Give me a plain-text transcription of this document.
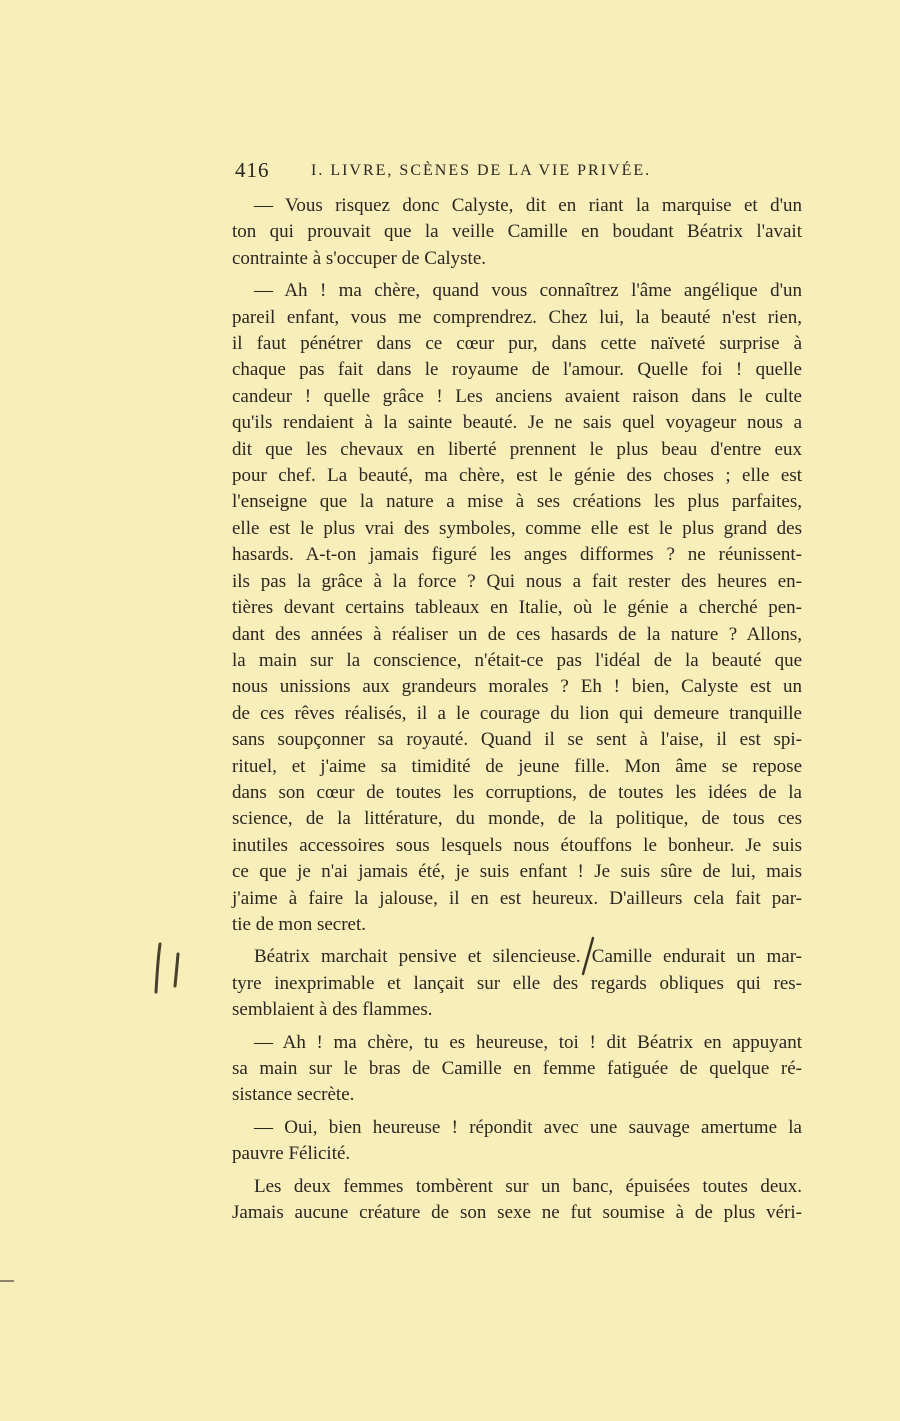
416	I. LIVRE, SCÈNES DE LA VIE PRIVÉE.
— Vous risquez donc Calyste, dit en riant la marquise et d'un
ton qui prouvait que la veille Camille en boudant Béatrix l'avait
contrainte à s'occuper de Calyste.
— Ah ! ma chère, quand vous connaîtrez l'âme angélique d'un
pareil enfant, vous me comprendrez. Chez lui, la beauté n'est rien,
il faut pénétrer dans ce cœur pur, dans cette naïveté surprise à
chaque pas fait dans le royaume de l'amour. Quelle foi ! quelle
candeur ! quelle grâce ! Les anciens avaient raison dans le culte
qu'ils rendaient à la sainte beauté. Je ne sais quel voyageur nous a
dit que les chevaux en liberté prennent le plus beau d'entre eux
pour chef. La beauté, ma chère, est le génie des choses ; elle est
l'enseigne que la nature a mise à ses créations les plus parfaites,
elle est le plus vrai des symboles, comme elle est le plus grand des
hasards. A-t-on jamais figuré les anges difformes ? ne réunissent-
ils pas la grâce à la force ? Qui nous a fait rester des heures en-
tières devant certains tableaux en Italie, où le génie a cherché pen-
dant des années à réaliser un de ces hasards de la nature ? Allons,
la main sur la conscience, n'était-ce pas l'idéal de la beauté que
nous unissions aux grandeurs morales ? Eh ! bien, Calyste est un
de ces rêves réalisés, il a le courage du lion qui demeure tranquille
sans soupçonner sa royauté. Quand il se sent à l'aise, il est spi-
rituel, et j'aime sa timidité de jeune fille. Mon âme se repose
dans son cœur de toutes les corruptions, de toutes les idées de la
science, de la littérature, du monde, de la politique, de tous ces
inutiles accessoires sous lesquels nous étouffons le bonheur. Je suis
ce que je n'ai jamais été, je suis enfant ! Je suis sûre de lui, mais
j'aime à faire la jalouse, il en est heureux. D'ailleurs cela fait par-
tie de mon secret.
Béatrix marchait pensive et silencieuse. Camille endurait un mar-
tyre inexprimable et lançait sur elle des regards obliques qui res-
semblaient à des flammes.
— Ah ! ma chère, tu es heureuse, toi ! dit Béatrix en appuyant
sa main sur le bras de Camille en femme fatiguée de quelque ré-
sistance secrète.
— Oui, bien heureuse ! répondit avec une sauvage amertume la
pauvre Félicité.
Les deux femmes tombèrent sur un banc, épuisées toutes deux.
Jamais aucune créature de son sexe ne fut soumise à de plus véri-
